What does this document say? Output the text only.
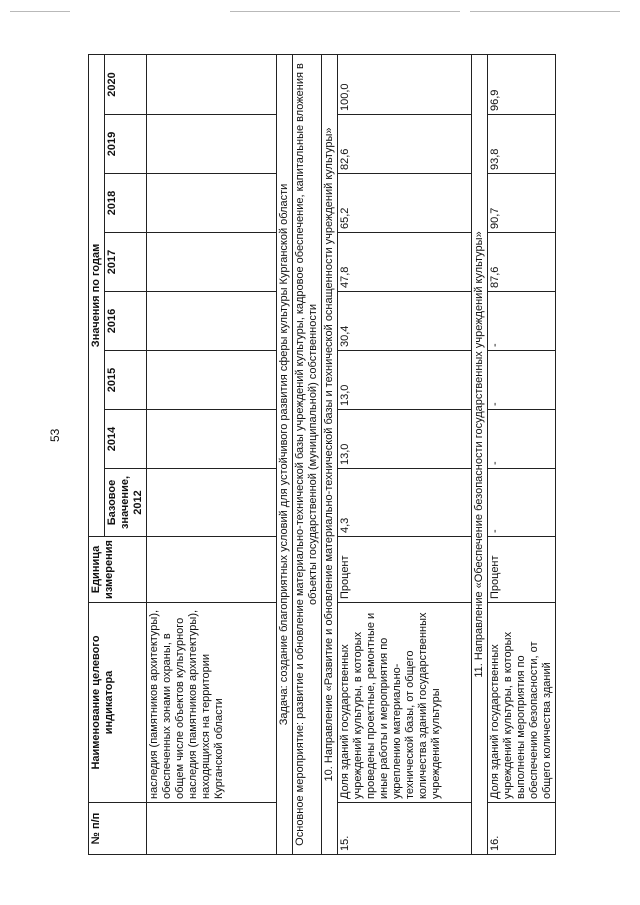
53
№ п/п	Наименование целевого индикатора	Единица измерения	Значения по годам							
			Базовое значение, 2012	2014	2015	2016	2017	2018	2019	2020
	наследия (памятников архитектуры), обеспеченных зонами охраны, в общем числе объектов культурного наследия (памятников архитектуры), находящихся на территории Курганской области									
Задача: создание благоприятных условий для устойчивого развития сферы культуры Курганской области										
Основное мероприятие: развитие и обновление материально-технической базы учреждений культуры, кадровое обеспечение, капитальные вложения в объекты государственной (муниципальной) собственности										
10. Направление «Развитие и обновление материально-технической базы и технической оснащенности учреждений культуры»										
15.	Доля зданий государственных учреждений культуры, в которых проведены проектные, ремонтные и иные работы и мероприятия по укреплению материально-технической базы, от общего количества зданий государственных учреждений культуры	Процент	4,3	13,0	13,0	30,4	47,8	65,2	82,6	100,0
11. Направление «Обеспечение безопасности государственных учреждений культуры»										
16.	Доля зданий государственных учреждений культуры, в которых выполнены мероприятия по обеспечению безопасности, от общего количества зданий	Процент	-	-	-	-	87,6	90,7	93,8	96,9
